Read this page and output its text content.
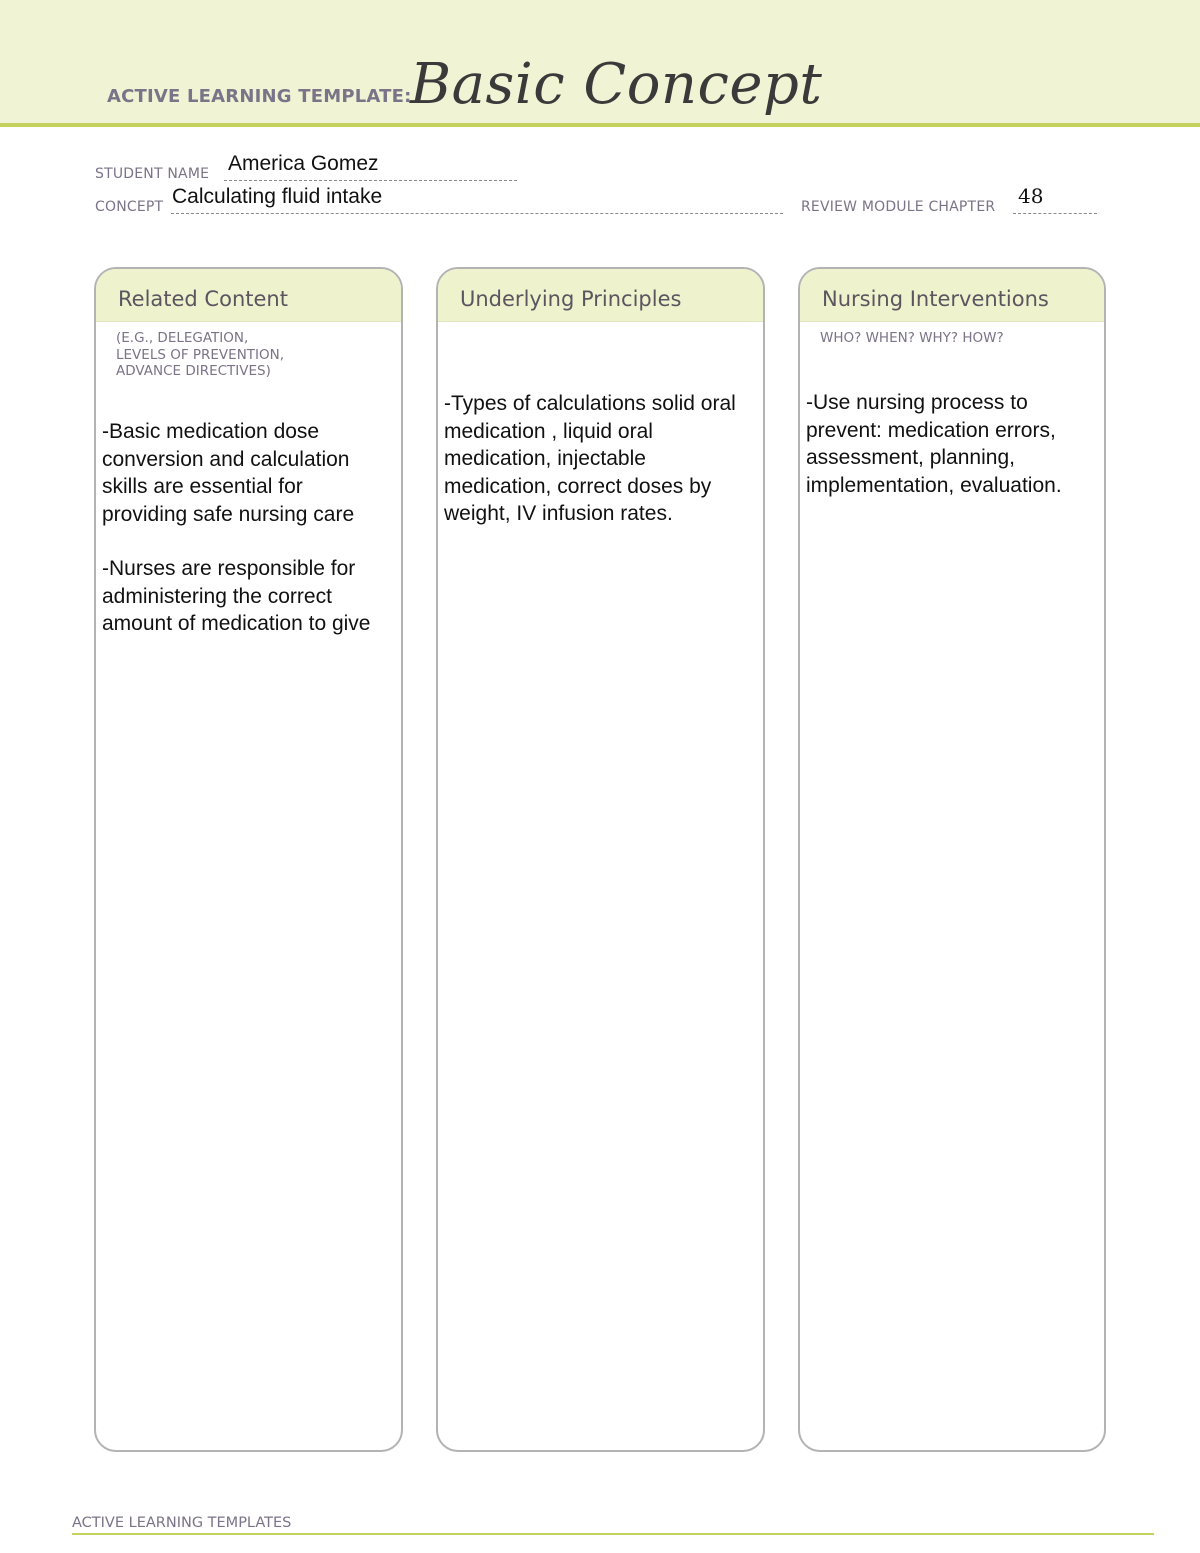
ACTIVE LEARNING TEMPLATE:
Basic Concept
STUDENT NAME America Gomez
CONCEPT Calculating fluid intake	REVIEW MODULE CHAPTER 48
Related Content
(E.G., DELEGATION,
LEVELS OF PREVENTION,
ADVANCE DIRECTIVES)

-Basic medication dose conversion and calculation skills are essential for providing safe nursing care

-Nurses are responsible for administering the correct amount of medication to give

Underlying Principles

-Types of calculations solid oral medication , liquid oral medication, injectable medication, correct doses by weight, IV infusion rates.

Nursing Interventions
WHO? WHEN? WHY? HOW?

-Use nursing process to prevent: medication errors, assessment, planning, implementation, evaluation.

ACTIVE LEARNING TEMPLATES
